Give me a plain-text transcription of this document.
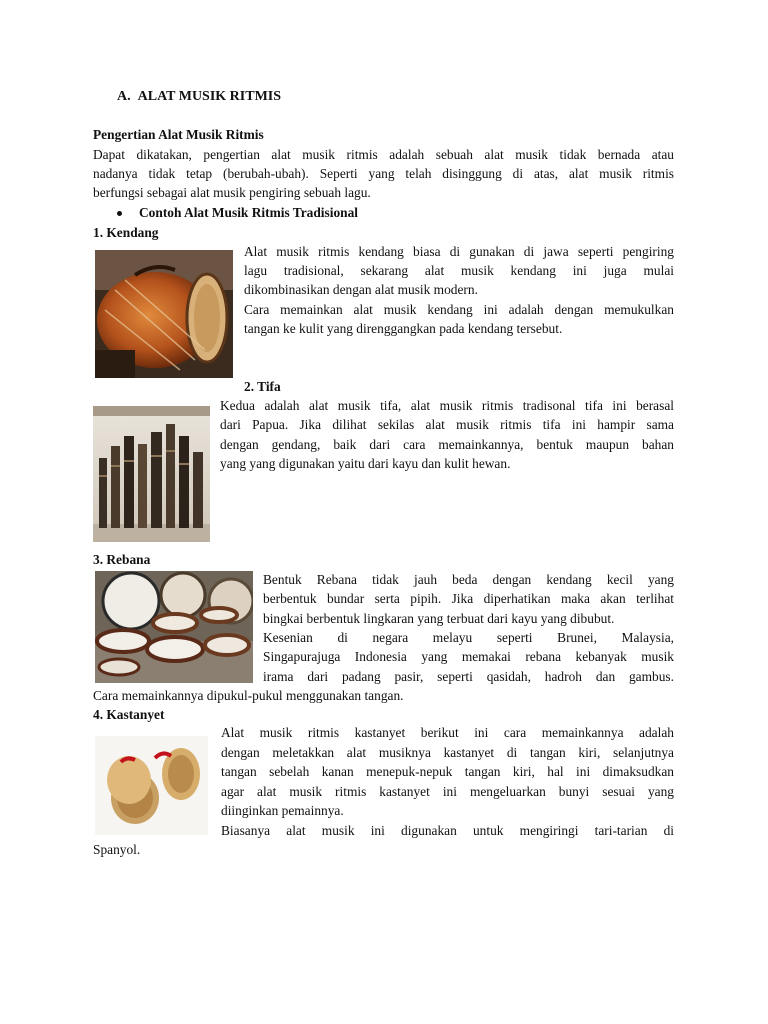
A. ALAT MUSIK RITMIS
Pengertian Alat Musik Ritmis
Dapat dikatakan, pengertian alat musik ritmis adalah sebuah alat musik tidak bernada atau
nadanya tidak tetap (berubah-ubah). Seperti yang telah disinggung di atas, alat musik ritmis
berfungsi sebagai alat musik pengiring sebuah lagu.
Contoh Alat Musik Ritmis Tradisional
1. Kendang
Alat musik ritmis kendang biasa di gunakan di jawa seperti pengiring
lagu tradisional, sekarang alat musik kendang ini juga mulai
dikombinasikan dengan alat musik modern.
Cara memainkan alat musik kendang ini adalah dengan memukulkan
tangan ke kulit yang direnggangkan pada kendang tersebut.
2. Tifa
Kedua adalah alat musik tifa, alat musik ritmis tradisonal tifa ini berasal
dari Papua. Jika dilihat sekilas alat musik ritmis tifa ini hampir sama
dengan gendang, baik dari cara memainkannya, bentuk maupun bahan
yang yang digunakan yaitu dari kayu dan kulit hewan.
3. Rebana
Bentuk Rebana tidak jauh beda dengan kendang kecil yang
berbentuk bundar serta pipih. Jika diperhatikan maka akan terlihat
bingkai berbentuk lingkaran yang terbuat dari kayu yang dibubut.
Kesenian di negara melayu seperti Brunei, Malaysia,
Singapurajuga Indonesia yang memakai rebana kebanyak musik
irama dari padang pasir, seperti qasidah, hadroh dan gambus.
Cara memainkannya dipukul-pukul menggunakan tangan.
4. Kastanyet
Alat musik ritmis kastanyet berikut ini cara memainkannya adalah
dengan meletakkan alat musiknya kastanyet di tangan kiri, selanjutnya
tangan sebelah kanan menepuk-nepuk tangan kiri, hal ini dimaksudkan
agar alat musik ritmis kastanyet ini mengeluarkan bunyi sesuai yang
diinginkan pemainnya.
Biasanya alat musik ini digunakan untuk mengiringi tari-tarian di
Spanyol.
